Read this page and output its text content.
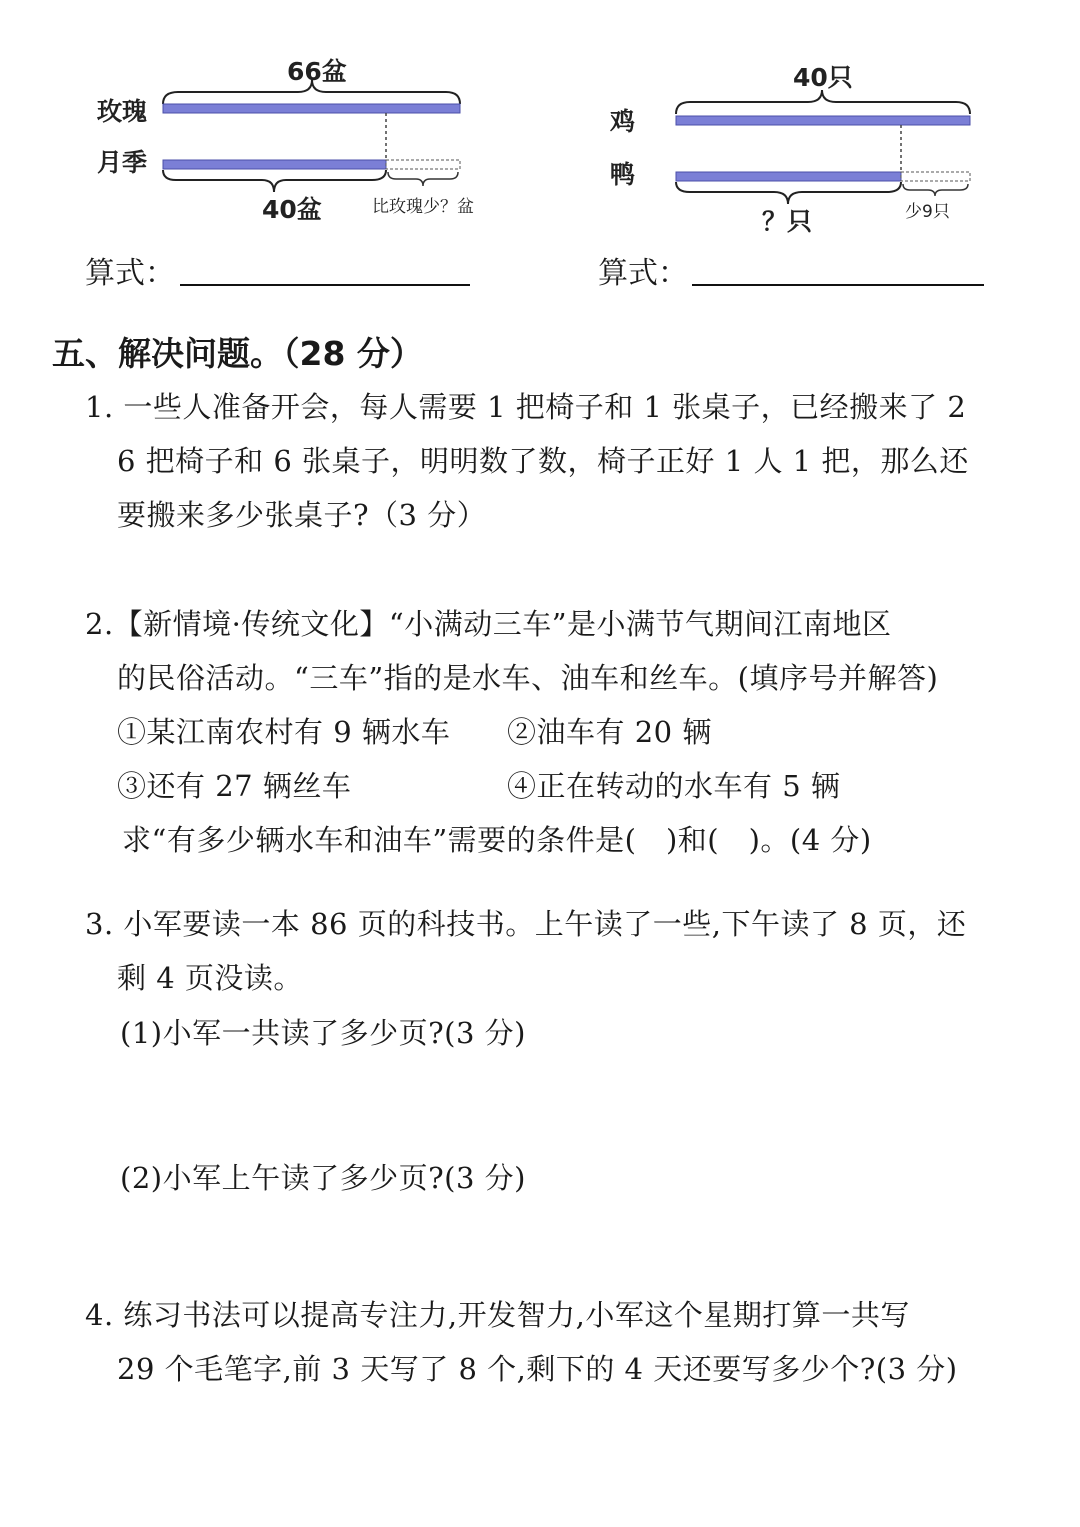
66盆
玫瑰
月季
40盆	比玫瑰少？盆
40只
鸡
鸭
？只	少9只
算式：	算式：
五、解决问题。（28 分）
1. 一些人准备开会，每人需要 1 把椅子和 1 张桌子，已经搬来了 2
6 把椅子和 6 张桌子，明明数了数，椅子正好 1 人 1 把，那么还
要搬来多少张桌子?（3 分）
2.【新情境·传统文化】“小满动三车”是小满节气期间江南地区
的民俗活动。“三车”指的是水车、油车和丝车。(填序号并解答)
①某江南农村有 9 辆水车 ②油车有 20 辆
③还有 27 辆丝车	④正在转动的水车有 5 辆
求“有多少辆水车和油车”需要的条件是(　)和(　)。(4 分)
3. 小军要读一本 86 页的科技书。上午读了一些,下午读了 8 页，还
剩 4 页没读。
(1)小军一共读了多少页?(3 分)
(2)小军上午读了多少页?(3 分)
4. 练习书法可以提高专注力,开发智力,小军这个星期打算一共写
29 个毛笔字,前 3 天写了 8 个,剩下的 4 天还要写多少个?(3 分)
